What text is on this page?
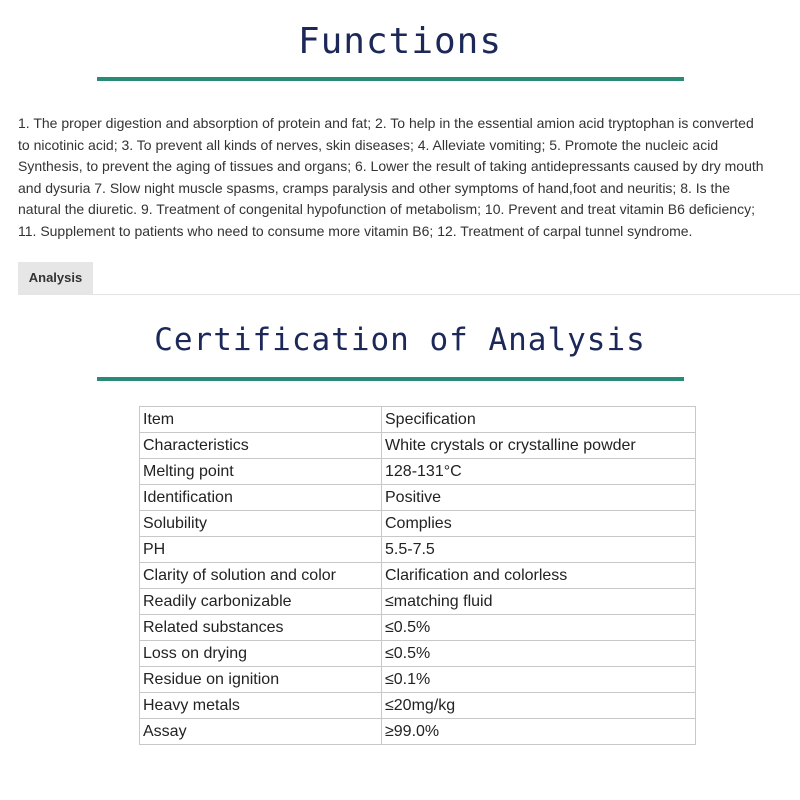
Functions
1. The proper digestion and absorption of protein and fat; 2. To help in the essential amion acid tryptophan is converted
to nicotinic acid; 3. To prevent all kinds of nerves, skin diseases; 4. Alleviate vomiting; 5. Promote the nucleic acid
Synthesis, to prevent the aging of tissues and organs; 6. Lower the result of taking antidepressants caused by dry mouth
and dysuria 7. Slow night muscle spasms, cramps paralysis and other symptoms of hand,foot and neuritis; 8. Is the
natural the diuretic. 9. Treatment of congenital hypofunction of metabolism; 10. Prevent and treat vitamin B6 deficiency;
11. Supplement to patients who need to consume more vitamin B6; 12. Treatment of carpal tunnel syndrome.
Analysis
Certification of Analysis
Item	Specification
Characteristics	White crystals or crystalline powder
Melting point	128-131°C
Identification	Positive
Solubility	Complies
PH	5.5-7.5
Clarity of solution and color	Clarification and colorless
Readily carbonizable	≤matching fluid
Related substances	≤0.5%
Loss on drying	≤0.5%
Residue on ignition	≤0.1%
Heavy metals	≤20mg/kg
Assay	≥99.0%
